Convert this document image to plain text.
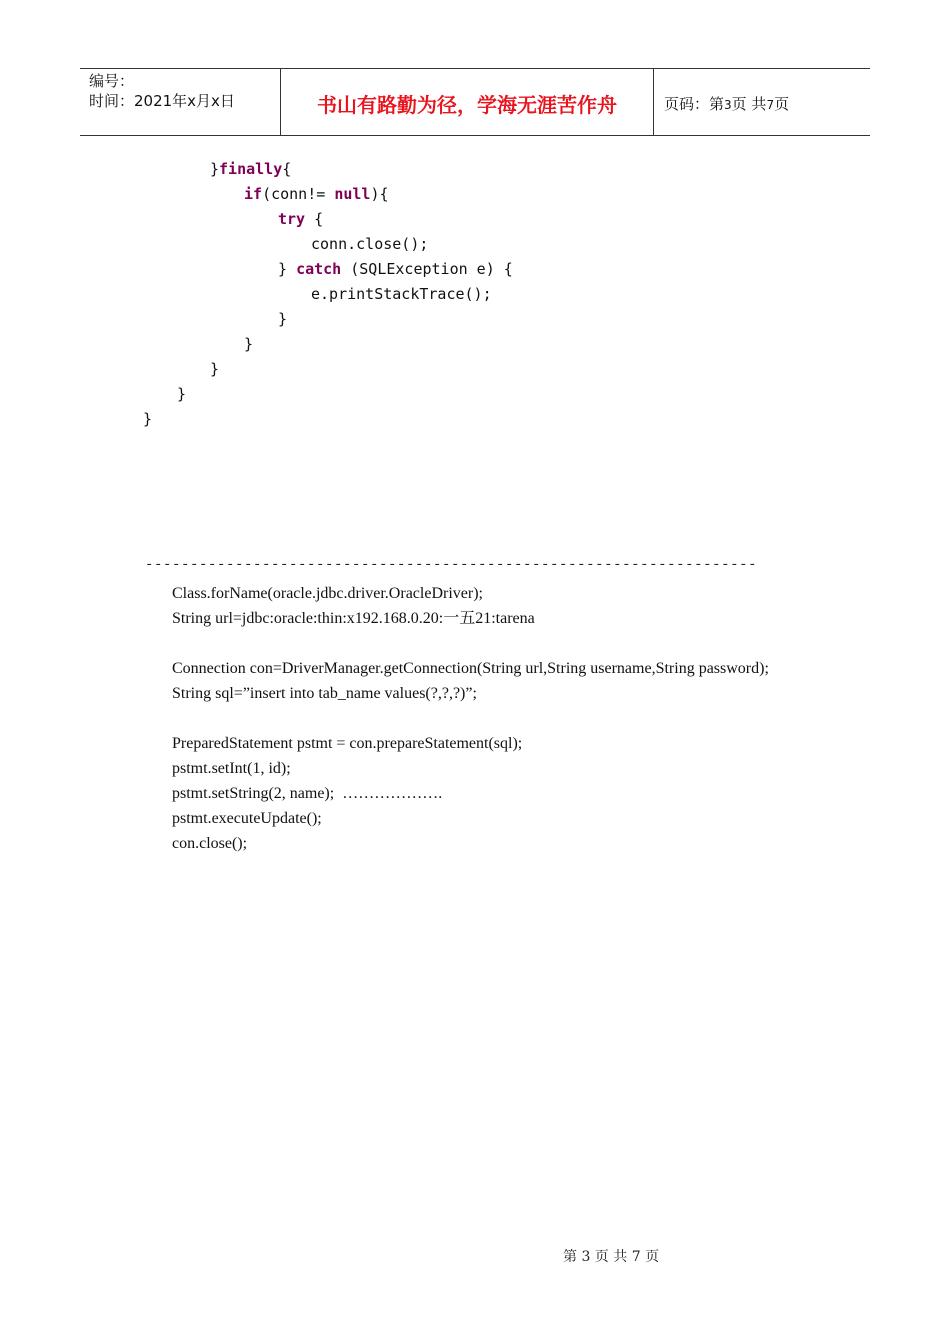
编号：
时间：2021年x月x日	书山有路勤为径，学海无涯苦作舟	页码：第3页 共7页
}finally{
if(conn!= null){
try {
conn.close();
} catch (SQLException e) {
e.printStackTrace();
}
}
}
}
}
--------------------------------------------------------------------
Class.forName(oracle.jdbc.driver.OracleDriver);
String url=jdbc:oracle:thin:x192.168.0.20:一五21:tarena
Connection con=DriverManager.getConnection(String url,String username,String password);
String sql=”insert into tab_name values(?,?,?)”;
PreparedStatement pstmt = con.prepareStatement(sql);
pstmt.setInt(1, id);
pstmt.setString(2, name);  ……………….
pstmt.executeUpdate();
con.close();
第 3 页 共 7 页
